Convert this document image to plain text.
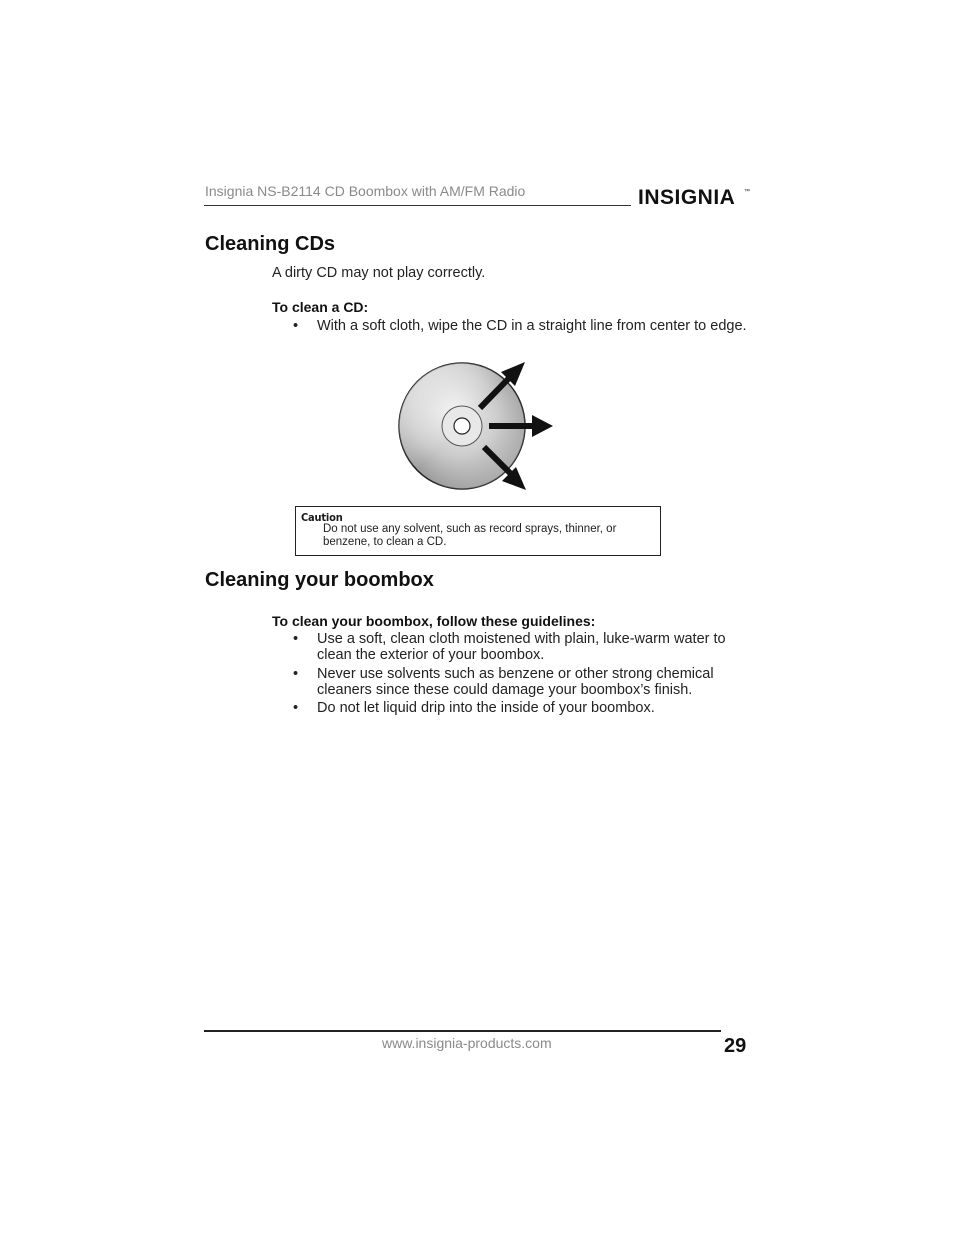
Insignia NS-B2114 CD Boombox with AM/FM Radio	INSIGNIA ™
Cleaning CDs
A dirty CD may not play correctly.
To clean a CD:
• With a soft cloth, wipe the CD in a straight line from center to edge.
Caution
Do not use any solvent, such as record sprays, thinner, or benzene, to clean a CD.
Cleaning your boombox
To clean your boombox, follow these guidelines:
• Use a soft, clean cloth moistened with plain, luke-warm water to clean the exterior of your boombox.
• Never use solvents such as benzene or other strong chemical cleaners since these could damage your boombox’s finish.
• Do not let liquid drip into the inside of your boombox.
www.insignia-products.com	29
